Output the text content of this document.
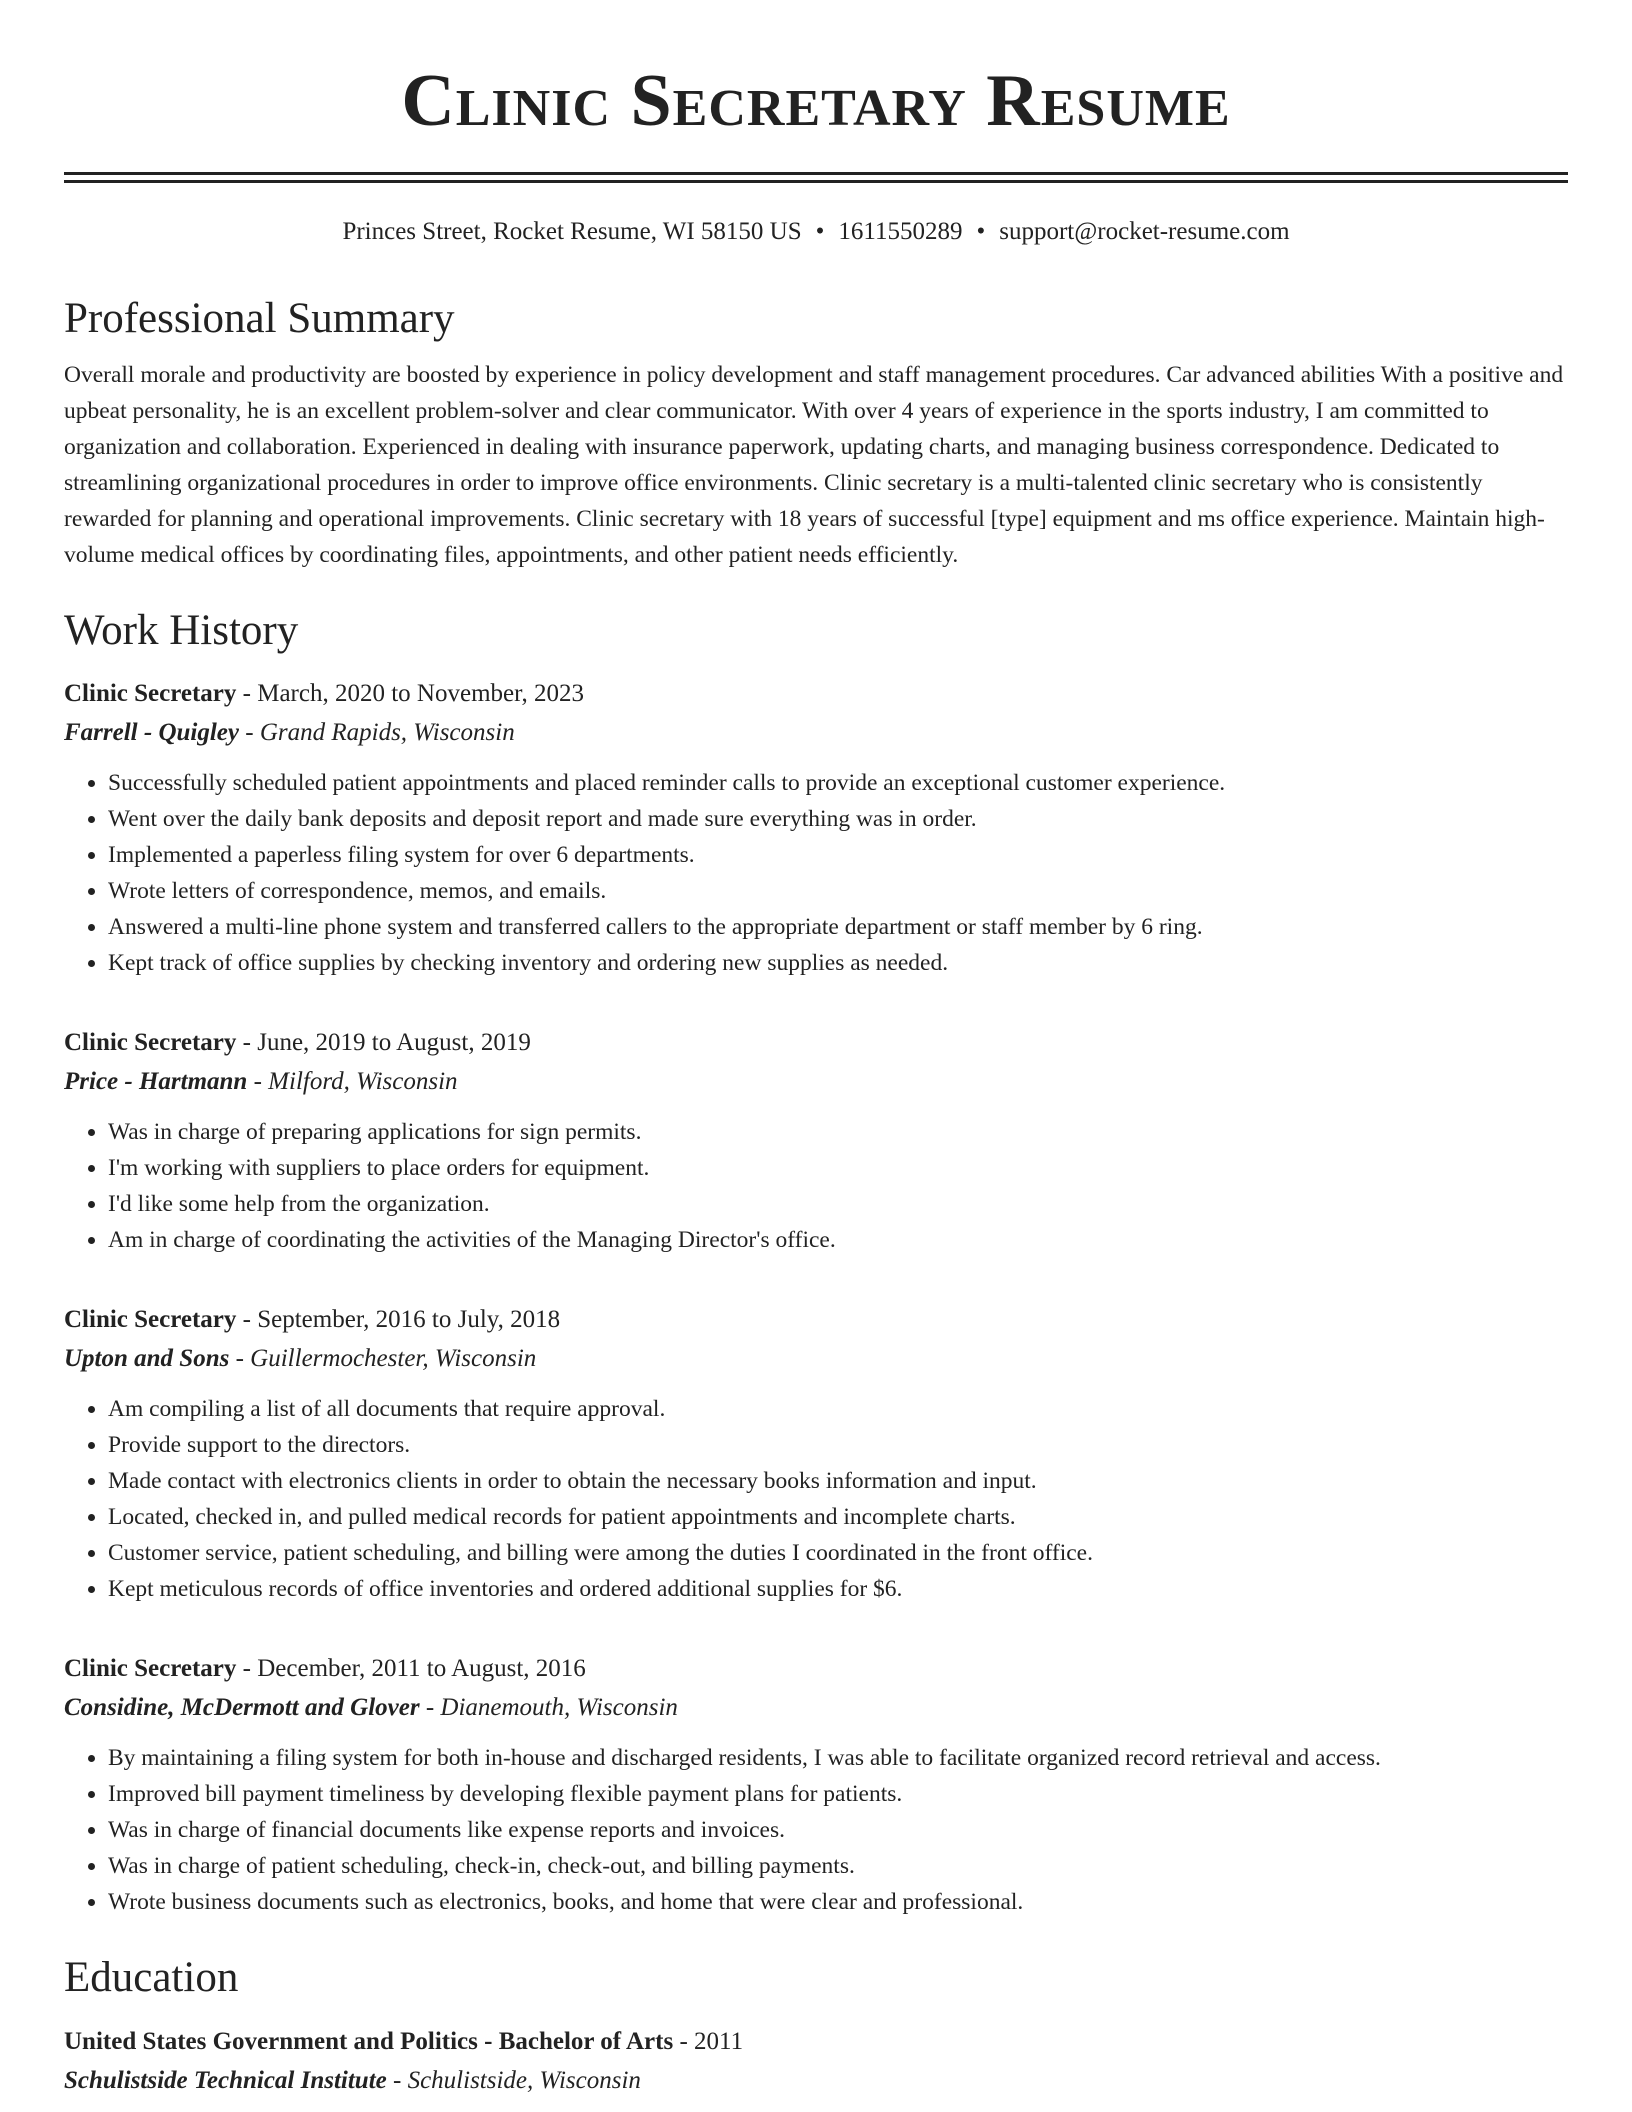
Clinic Secretary Resume
Princes Street, Rocket Resume, WI 58150 US • 1611550289 • support@rocket-resume.com
Professional Summary

Overall morale and productivity are boosted by experience in policy development and staff management procedures. Car advanced abilities With a positive and upbeat personality, he is an excellent problem-solver and clear communicator. With over 4 years of experience in the sports industry, I am committed to organization and collaboration. Experienced in dealing with insurance paperwork, updating charts, and managing business correspondence. Dedicated to streamlining organizational procedures in order to improve office environments. Clinic secretary is a multi-talented clinic secretary who is consistently rewarded for planning and operational improvements. Clinic secretary with 18 years of successful [type] equipment and ms office experience. Maintain high-volume medical offices by coordinating files, appointments, and other patient needs efficiently.

Work History

Clinic Secretary - March, 2020 to November, 2023

Farrell - Quigley - Grand Rapids, Wisconsin

• Successfully scheduled patient appointments and placed reminder calls to provide an exceptional customer experience.
• Went over the daily bank deposits and deposit report and made sure everything was in order.
• Implemented a paperless filing system for over 6 departments.
• Wrote letters of correspondence, memos, and emails.
• Answered a multi-line phone system and transferred callers to the appropriate department or staff member by 6 ring.
• Kept track of office supplies by checking inventory and ordering new supplies as needed.

Clinic Secretary - June, 2019 to August, 2019

Price - Hartmann - Milford, Wisconsin

• Was in charge of preparing applications for sign permits.
• I'm working with suppliers to place orders for equipment.
• I'd like some help from the organization.
• Am in charge of coordinating the activities of the Managing Director's office.

Clinic Secretary - September, 2016 to July, 2018

Upton and Sons - Guillermochester, Wisconsin

• Am compiling a list of all documents that require approval.
• Provide support to the directors.
• Made contact with electronics clients in order to obtain the necessary books information and input.
• Located, checked in, and pulled medical records for patient appointments and incomplete charts.
• Customer service, patient scheduling, and billing were among the duties I coordinated in the front office.
• Kept meticulous records of office inventories and ordered additional supplies for $6.

Clinic Secretary - December, 2011 to August, 2016

Considine, McDermott and Glover - Dianemouth, Wisconsin

• By maintaining a filing system for both in-house and discharged residents, I was able to facilitate organized record retrieval and access.
• Improved bill payment timeliness by developing flexible payment plans for patients.
• Was in charge of financial documents like expense reports and invoices.
• Was in charge of patient scheduling, check-in, check-out, and billing payments.
• Wrote business documents such as electronics, books, and home that were clear and professional.
Education

United States Government and Politics - Bachelor of Arts - 2011

Schulistside Technical Institute - Schulistside, Wisconsin
